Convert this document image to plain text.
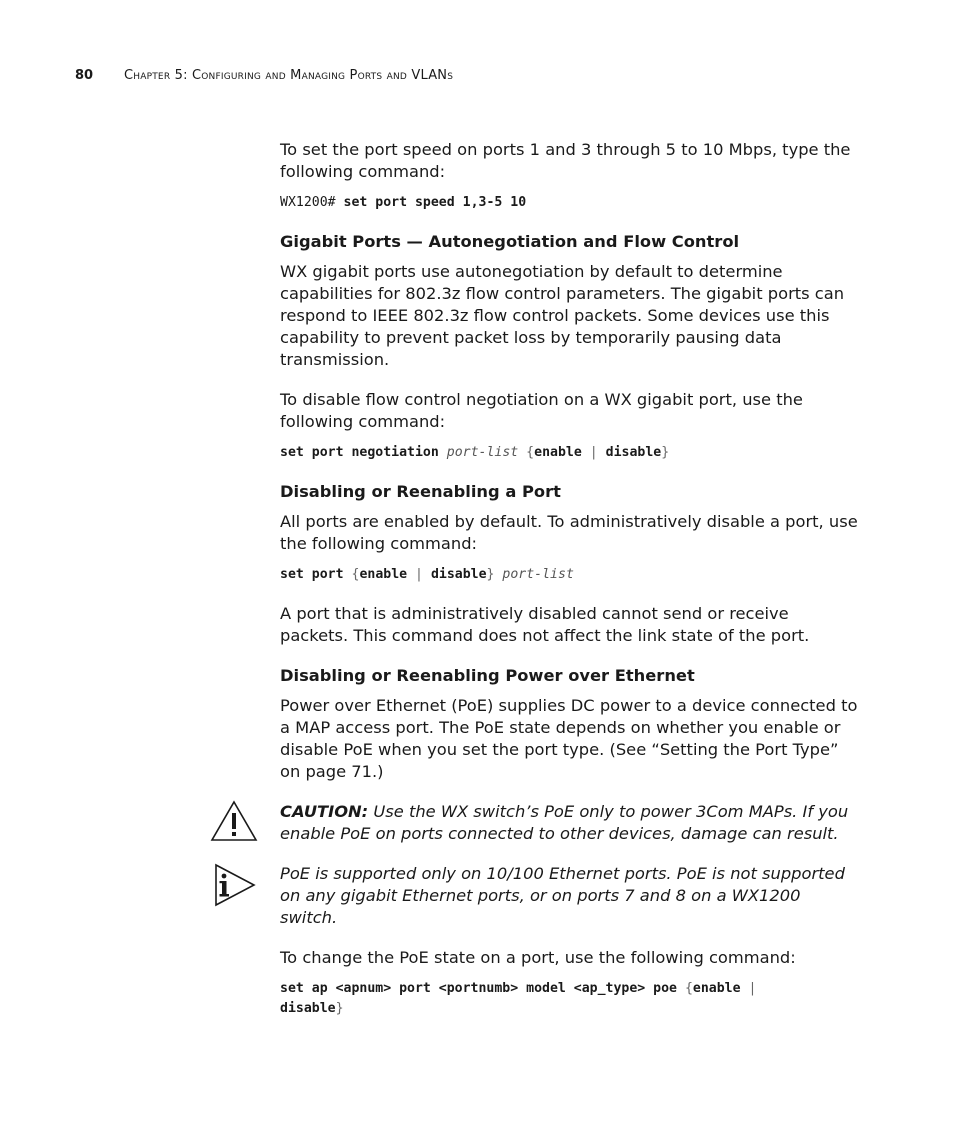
80 Chapter 5: Configuring and Managing Ports and VLANs

To set the port speed on ports 1 and 3 through 5 to 10 Mbps, type the following command:

WX1200# set port speed 1,3-5 10
Gigabit Ports — Autonegotiation and Flow Control

WX gigabit ports use autonegotiation by default to determine capabilities for 802.3z flow control parameters. The gigabit ports can respond to IEEE 802.3z flow control packets. Some devices use this capability to prevent packet loss by temporarily pausing data transmission.

To disable flow control negotiation on a WX gigabit port, use the following command:

set port negotiation port-list {enable | disable}
Disabling or Reenabling a Port

All ports are enabled by default. To administratively disable a port, use the following command:

set port {enable | disable} port-list

A port that is administratively disabled cannot send or receive packets. This command does not affect the link state of the port.

Disabling or Reenabling Power over Ethernet

Power over Ethernet (PoE) supplies DC power to a device connected to a MAP access port. The PoE state depends on whether you enable or disable PoE when you set the port type. (See “Setting the Port Type” on page 71.)

CAUTION: Use the WX switch’s PoE only to power 3Com MAPs. If you enable PoE on ports connected to other devices, damage can result.

PoE is supported only on 10/100 Ethernet ports. PoE is not supported on any gigabit Ethernet ports, or on ports 7 and 8 on a WX1200 switch.

To change the PoE state on a port, use the following command:

set ap <apnum> port <portnumb> model <ap_type> poe {enable |
disable}
